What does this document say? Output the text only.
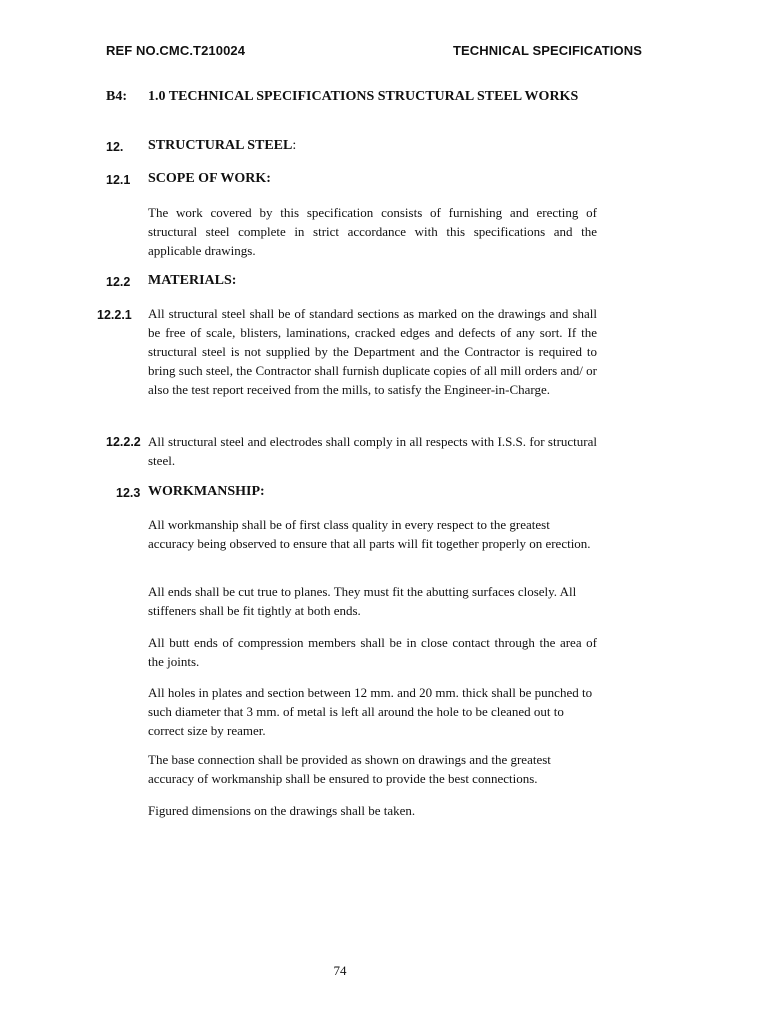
REF NO.CMC.T210024	TECHNICAL SPECIFICATIONS
B4: 1.0 TECHNICAL SPECIFICATIONS STRUCTURAL STEEL WORKS
12. STRUCTURAL STEEL:
12.1 SCOPE OF WORK:

The work covered by this specification consists of furnishing and erecting of structural steel complete in strict accordance with this specifications and the applicable drawings.

12.2 MATERIALS:
12.2.1 All structural steel shall be of standard sections as marked on the drawings and shall be free of scale, blisters, laminations, cracked edges and defects of any sort. If the structural steel is not supplied by the Department and the Contractor is required to bring such steel, the Contractor shall furnish duplicate copies of all mill orders and/ or also the test report received from the mills, to satisfy the Engineer-in-Charge.

12.2.2 All structural steel and electrodes shall comply in all respects with I.S.S. for structural steel.

12.3 WORKMANSHIP:

All workmanship shall be of first class quality in every respect to the greatest accuracy being observed to ensure that all parts will fit together properly on erection.

All ends shall be cut true to planes. They must fit the abutting surfaces closely. All stiffeners shall be fit tightly at both ends.

All butt ends of compression members shall be in close contact through the area of the joints.

All holes in plates and section between 12 mm. and 20 mm. thick shall be punched to such diameter that 3 mm. of metal is left all around the hole to be cleaned out to correct size by reamer.

The base connection shall be provided as shown on drawings and the greatest accuracy of workmanship shall be ensured to provide the best connections.

Figured dimensions on the drawings shall be taken.

74
